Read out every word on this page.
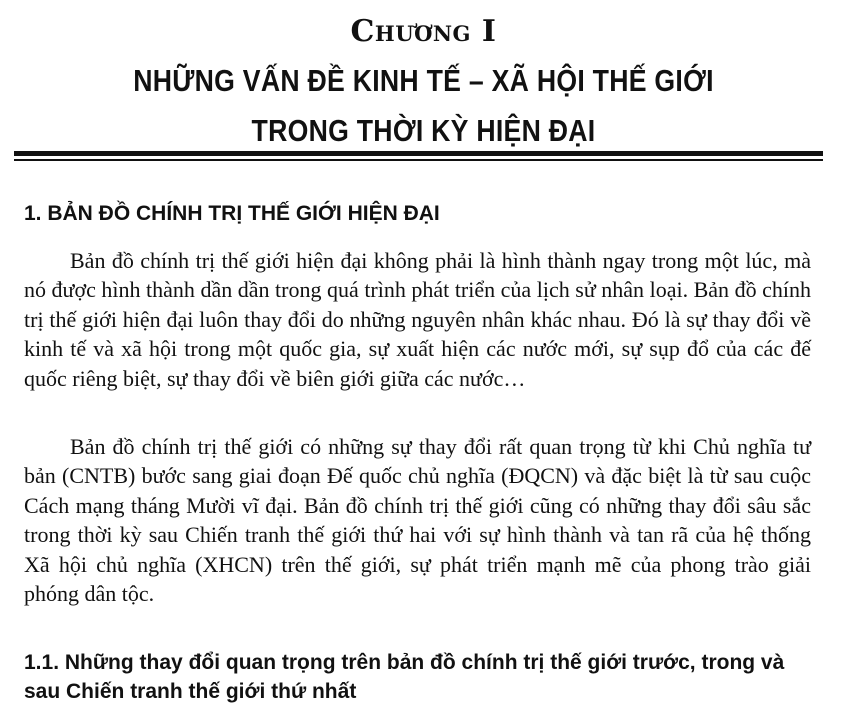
Chương I
NHỮNG VẤN ĐỀ KINH TẾ – XÃ HỘI THẾ GIỚI
TRONG THỜI KỲ HIỆN ĐẠI
1. BẢN ĐỒ CHÍNH TRỊ THẾ GIỚI HIỆN ĐẠI

Bản đồ chính trị thế giới hiện đại không phải là hình thành ngay trong một lúc, mà nó được hình thành dần dần trong quá trình phát triển của lịch sử nhân loại. Bản đồ chính trị thế giới hiện đại luôn thay đổi do những nguyên nhân khác nhau. Đó là sự thay đổi về kinh tế và xã hội trong một quốc gia, sự xuất hiện các nước mới, sự sụp đổ của các đế quốc riêng biệt, sự thay đổi về biên giới giữa các nước…

Bản đồ chính trị thế giới có những sự thay đổi rất quan trọng từ khi Chủ nghĩa tư bản (CNTB) bước sang giai đoạn Đế quốc chủ nghĩa (ĐQCN) và đặc biệt là từ sau cuộc Cách mạng tháng Mười vĩ đại. Bản đồ chính trị thế giới cũng có những thay đổi sâu sắc trong thời kỳ sau Chiến tranh thế giới thứ hai với sự hình thành và tan rã của hệ thống Xã hội chủ nghĩa (XHCN) trên thế giới, sự phát triển mạnh mẽ của phong trào giải phóng dân tộc.

1.1. Những thay đổi quan trọng trên bản đồ chính trị thế giới trước, trong và sau Chiến tranh thế giới thứ nhất
